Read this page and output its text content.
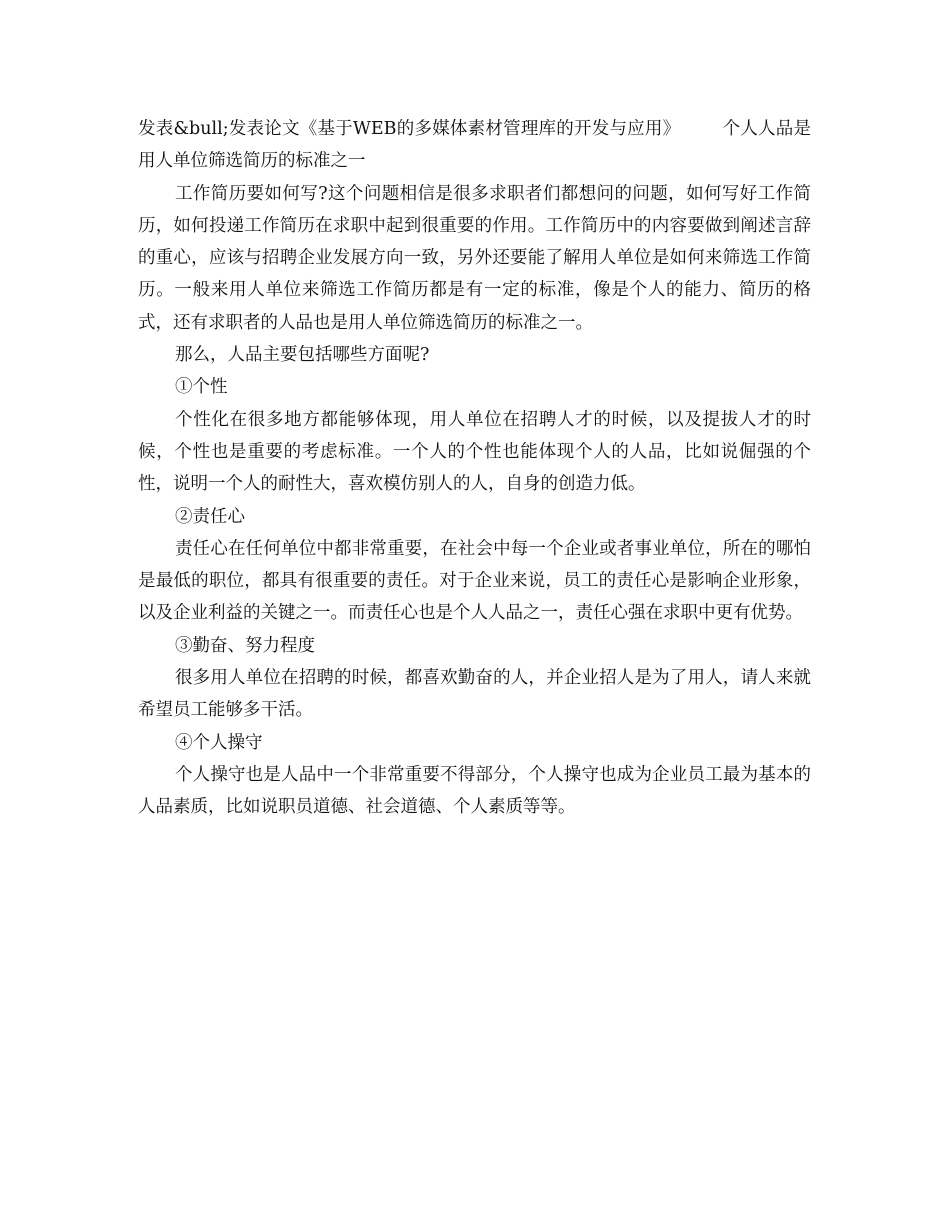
发表&bull;发表论文《基于WEB的多媒体素材管理库的开发与应用》 个人人品是用人单位筛选简历的标准之一

工作简历要如何写?这个问题相信是很多求职者们都想问的问题，如何写好工作简历，如何投递工作简历在求职中起到很重要的作用。工作简历中的内容要做到阐述言辞的重心，应该与招聘企业发展方向一致，另外还要能了解用人单位是如何来筛选工作简历。一般来用人单位来筛选工作简历都是有一定的标准，像是个人的能力、简历的格式，还有求职者的人品也是用人单位筛选简历的标准之一。

那么，人品主要包括哪些方面呢?

①个性

个性化在很多地方都能够体现，用人单位在招聘人才的时候，以及提拔人才的时候，个性也是重要的考虑标准。一个人的个性也能体现个人的人品，比如说倔强的个性，说明一个人的耐性大，喜欢模仿别人的人，自身的创造力低。

②责任心

责任心在任何单位中都非常重要，在社会中每一个企业或者事业单位，所在的哪怕是最低的职位，都具有很重要的责任。对于企业来说，员工的责任心是影响企业形象，以及企业利益的关键之一。而责任心也是个人人品之一，责任心强在求职中更有优势。

③勤奋、努力程度

很多用人单位在招聘的时候，都喜欢勤奋的人，并企业招人是为了用人，请人来就希望员工能够多干活。

④个人操守

个人操守也是人品中一个非常重要不得部分，个人操守也成为企业员工最为基本的人品素质，比如说职员道德、社会道德、个人素质等等。
